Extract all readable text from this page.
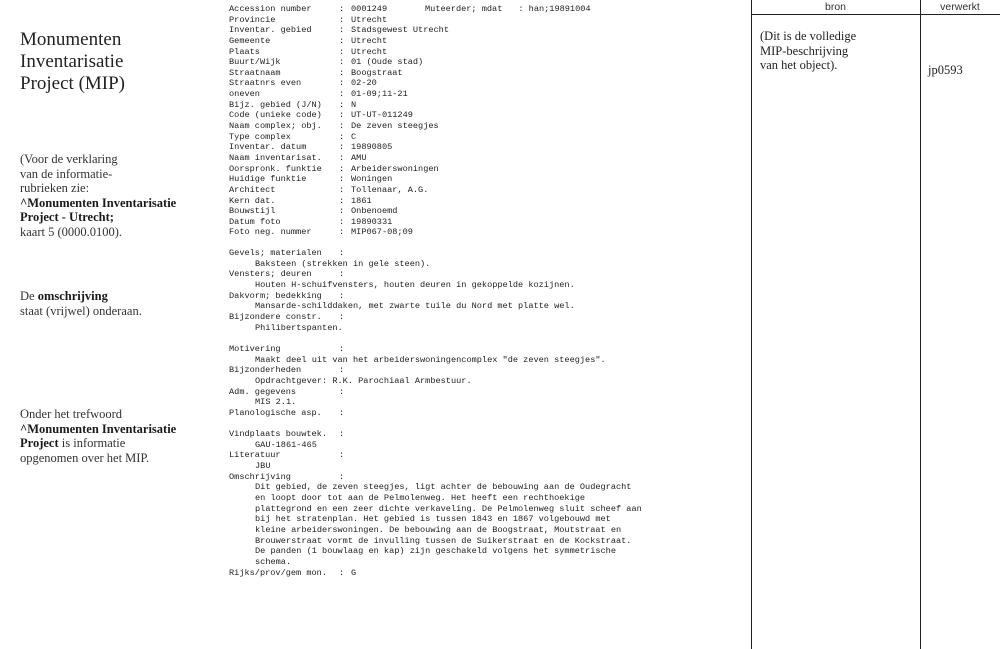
Monumenten
Inventarisatie
Project (MIP)
(Voor de verklaring
van de informatie-
rubrieken zie:
^Monumenten Inventarisatie
Project - Utrecht;
kaart 5 (0000.0100).
De omschrijving
staat (vrijwel) onderaan.
Onder het trefwoord
^Monumenten Inventarisatie
Project is informatie
opgenomen over het MIP.
Muteerder; mdat : han;19891004
Accession number	: 0001249
Provincie	: Utrecht
Inventar. gebied	: Stadsgewest Utrecht
Gemeente	: Utrecht
Plaats	: Utrecht
Buurt/Wijk	: 01 (Oude stad)
Straatnaam	: Boogstraat
Straatnrs even	: 02-20
oneven	: 01-09;11-21
Bijz. gebied (J/N) : N
Code (unieke code) : UT-UT-011249
Naam complex; obj. : De zeven steegjes
Type complex	: C
Inventar. datum	: 19890805
Naam inventarisat. : AMU
Oorspronk. funktie : Arbeiderswoningen
Huidige funktie	: Woningen
Architect	: Tollenaar, A.G.
Kern dat.	: 1861
Bouwstijl	: Onbenoemd
Datum foto	: 19890331
Foto neg. nummer	: MIP067-08;09
Gevels; materialen :
Baksteen (strekken in gele steen).
Vensters; deuren	:
Houten H-schuifvensters, houten deuren in gekoppelde kozijnen.
Dakvorm; bedekking :
Mansarde-schilddaken, met zwarte tuile du Nord met platte wel.
Bijzondere constr. :
Philibertspanten.
Motivering	:
Maakt deel uit van het arbeiderswoningencomplex "de zeven steegjes".
Bijzonderheden	:
Opdrachtgever: R.K. Parochiaal Armbestuur.
Adm. gegevens	:
MIS 2.1.
Planologische asp. :
Vindplaats bouwtek. :
GAU-1861-465
Literatuur	:
JBU
Omschrijving	:
Dit gebied, de zeven steegjes, ligt achter de bebouwing aan de Oudegracht
en loopt door tot aan de Pelmolenweg. Het heeft een rechthoekige
plattegrond en een zeer dichte verkaveling. De Pelmolenweg sluit scheef aan
bij het stratenplan. Het gebied is tussen 1843 en 1867 volgebouwd met
kleine arbeiderswoningen. De bebouwing aan de Boogstraat, Moutstraat en
Brouwerstraat vormt de invulling tussen de Suikerstraat en de Kockstraat.
De panden (1 bouwlaag en kap) zijn geschakeld volgens het symmetrische
schema.
Rijks/prov/gem mon. : G
bron	verwerkt
(Dit is de volledige
MIP-beschrijving
van het object).	jp0593
